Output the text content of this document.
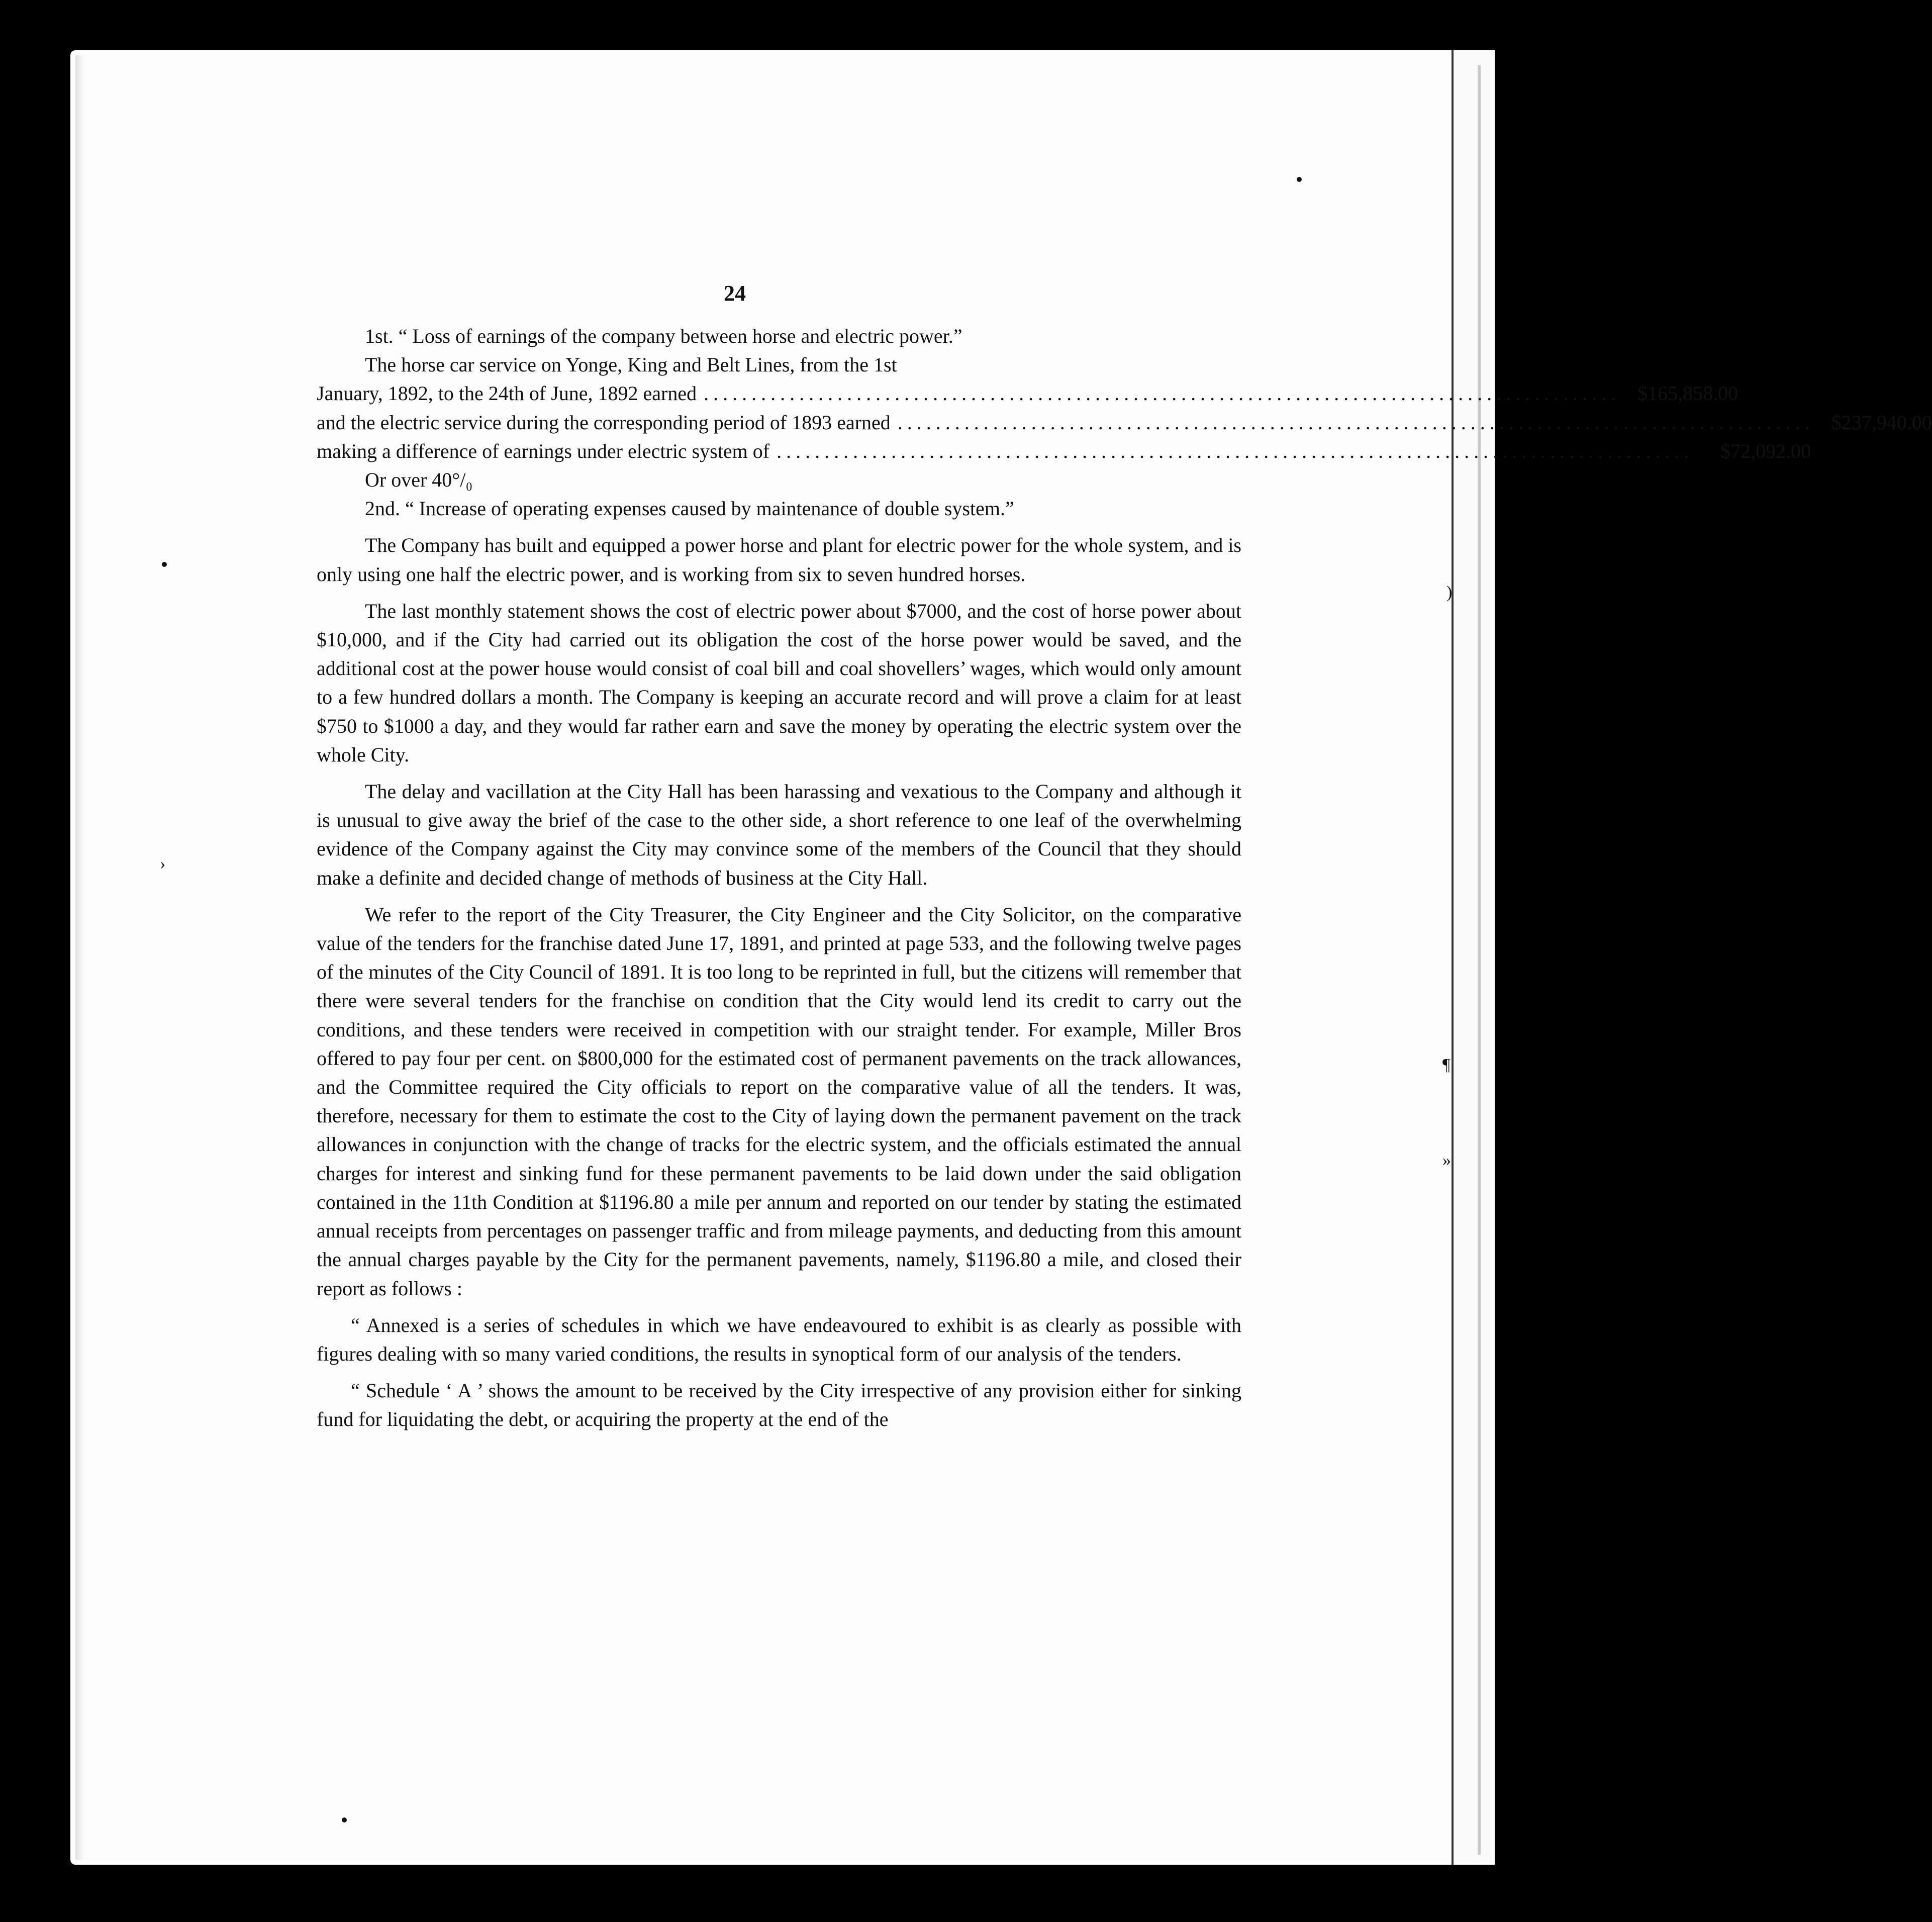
)
¶
»
›
24

1st. “ Loss of earnings of the company between horse and electric power.”

The horse car service on Yonge, King and Belt Lines, from the 1st

January, 1892, to the 24th of June, 1892 earned ................................................................................................ $165,858.00
and the electric service during the corresponding period of 1893 earned ................................................................................................ $237,940.00
making a difference of earnings under electric system of ................................................................................................	$72,092.00

Or over 40°/₀

2nd. “ Increase of operating expenses caused by maintenance of double system.”

The Company has built and equipped a power horse and plant for electric power for the whole system, and is only using one half the electric power, and is working from six to seven hundred horses.

The last monthly statement shows the cost of electric power about $7000, and the cost of horse power about $10,000, and if the City had carried out its obligation the cost of the horse power would be saved, and the additional cost at the power house would consist of coal bill and coal shovellers’ wages, which would only amount to a few hundred dollars a month. The Company is keeping an accurate record and will prove a claim for at least $750 to $1000 a day, and they would far rather earn and save the money by operating the electric system over the whole City.

The delay and vacillation at the City Hall has been harassing and vexatious to the Company and although it is unusual to give away the brief of the case to the other side, a short reference to one leaf of the overwhelming evidence of the Company against the City may convince some of the members of the Council that they should make a definite and decided change of methods of business at the City Hall.

We refer to the report of the City Treasurer, the City Engineer and the City Solicitor, on the comparative value of the tenders for the franchise dated June 17, 1891, and printed at page 533, and the following twelve pages of the minutes of the City Council of 1891. It is too long to be reprinted in full, but the citizens will remember that there were several tenders for the franchise on condition that the City would lend its credit to carry out the conditions, and these tenders were received in competition with our straight tender. For example, Miller Bros offered to pay four per cent. on $800,000 for the estimated cost of permanent pavements on the track allowances, and the Committee required the City officials to report on the comparative value of all the tenders. It was, therefore, necessary for them to estimate the cost to the City of laying down the permanent pavement on the track allowances in conjunction with the change of tracks for the electric system, and the officials estimated the annual charges for interest and sinking fund for these permanent pavements to be laid down under the said obligation contained in the 11th Condition at $1196.80 a mile per annum and reported on our tender by stating the estimated annual receipts from percentages on passenger traffic and from mileage payments, and deducting from this amount the annual charges payable by the City for the permanent pavements, namely, $1196.80 a mile, and closed their report as follows :

“ Annexed is a series of schedules in which we have endeavoured to exhibit is as clearly as possible with figures dealing with so many varied conditions, the results in synoptical form of our analysis of the tenders.

“ Schedule ‘ A ’ shows the amount to be received by the City irrespective of any provision either for sinking fund for liquidating the debt, or acquiring the property at the end of the
